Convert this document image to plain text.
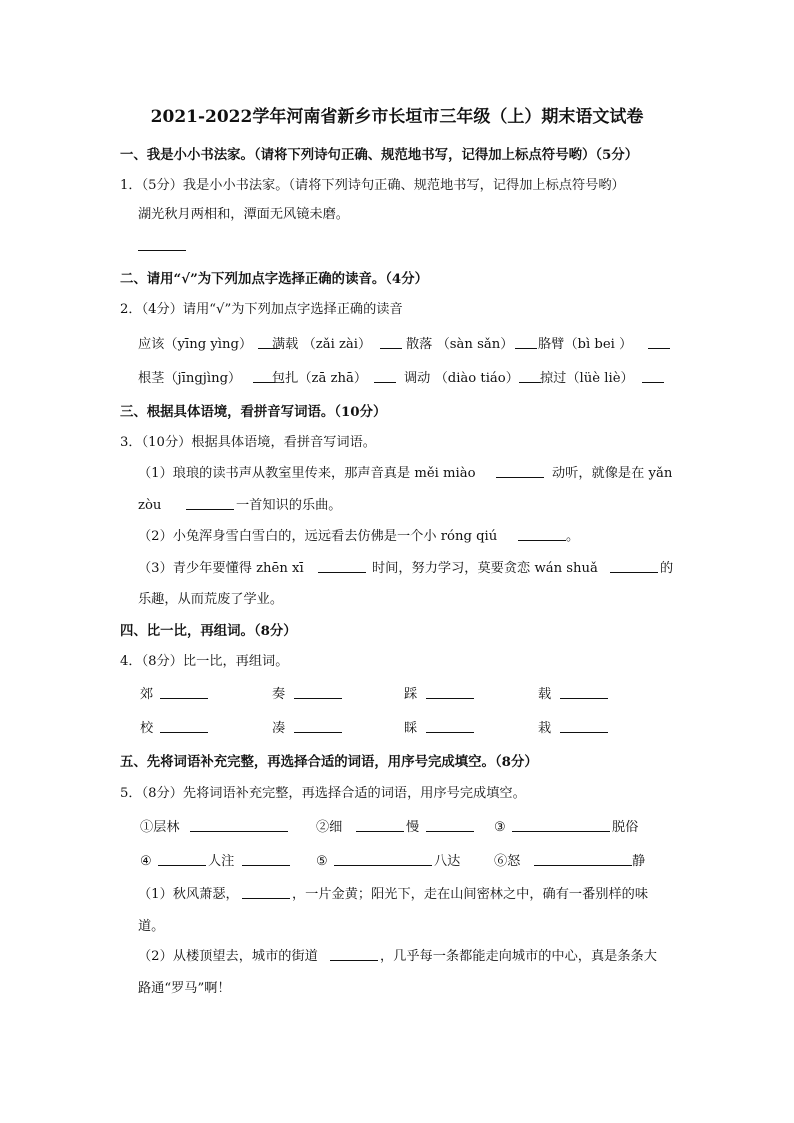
2021-2022学年河南省新乡市长垣市三年级（上）期末语文试卷
一、我是小小书法家。（请将下列诗句正确、规范地书写，记得加上标点符号哟）（5分）
1．（5分）我是小小书法家。（请将下列诗句正确、规范地书写，记得加上标点符号哟）
湖光秋月两相和，潭面无风镜未磨。
二、请用“√”为下列加点字选择正确的读音。（4分）
2．（4分）请用“√”为下列加点字选择正确的读音
应该（yīng yìng） 满载 （zǎi zài）	散落 （sàn sǎn） 胳臂（bì bei ）
根茎（jīngjìng） 包扎（zā zhā）	调动 （diào tiáo） 掠过（lüè liè）
三、根据具体语境，看拼音写词语。（10分）
3．（10分）根据具体语境，看拼音写词语。
（1）琅琅的读书声从教室里传来，那声音真是 měi miào	动听，就像是在 yǎn
zòu	一首知识的乐曲。
（2）小兔浑身雪白雪白的，远远看去仿佛是一个小 róng qiú	。
（3）青少年要懂得 zhēn xī	时间，努力学习，莫要贪恋 wán shuǎ	的
乐趣，从而荒废了学业。
四、比一比，再组词。（8分）
4．（8分）比一比，再组词。
郊	奏	踩	载
校	凑	睬	栽
五、先将词语补充完整，再选择合适的词语，用序号完成填空。（8分）
5．（8分）先将词语补充完整，再选择合适的词语，用序号完成填空。
①层林	②细	慢	③	脱俗
④	人注	⑤	八达	⑥怒	静
（1）秋风萧瑟，	，一片金黄；阳光下，走在山间密林之中，确有一番别样的味
道。
（2）从楼顶望去，城市的街道	，几乎每一条都能走向城市的中心，真是条条大
路通“罗马”啊！
